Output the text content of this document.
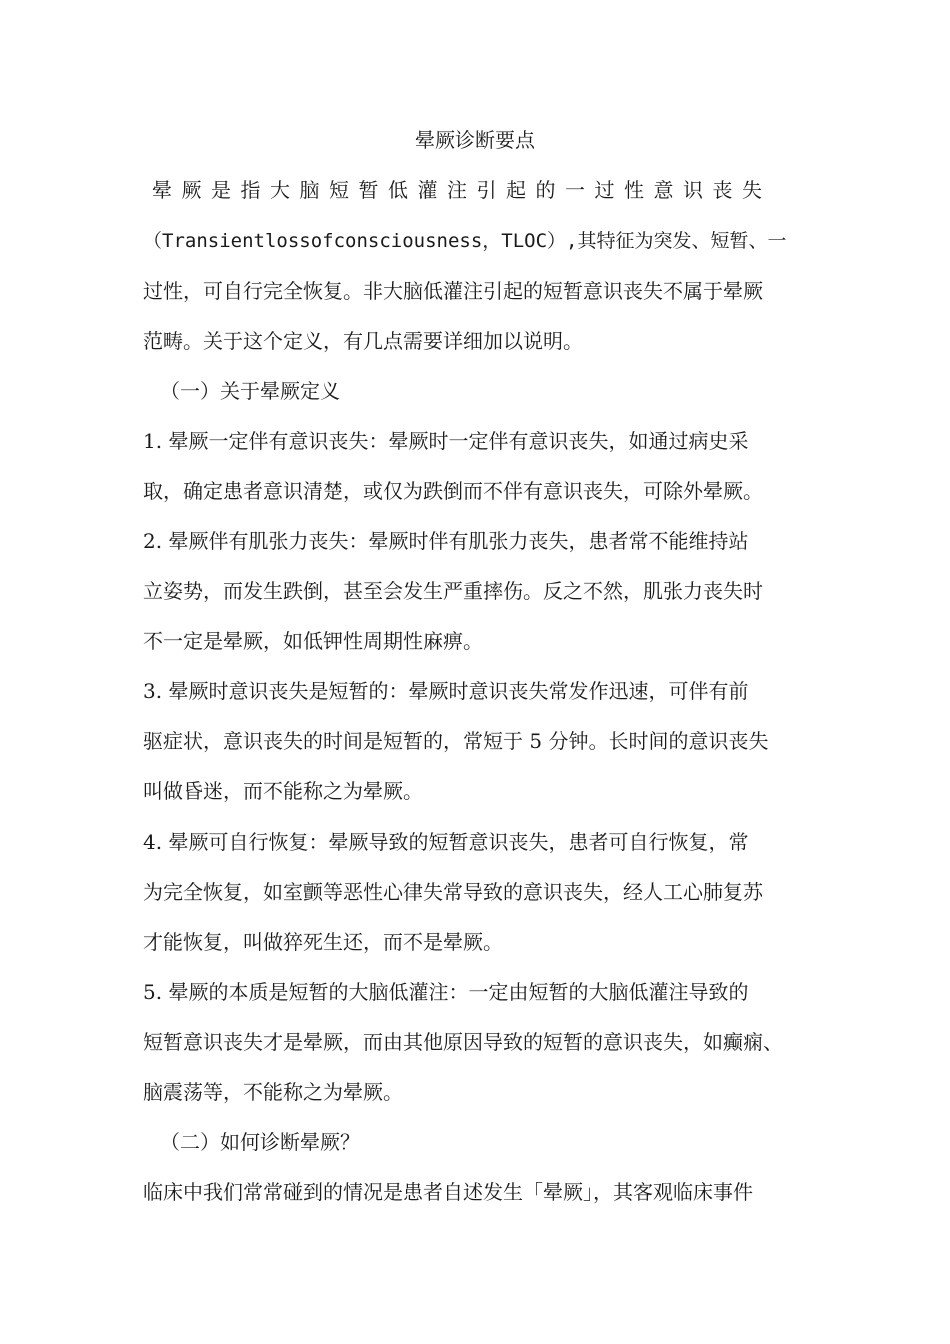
晕厥诊断要点
晕厥是指大脑短暂低灌注引起的一过性意识丧失
（Transientlossofconsciousness，TLOC）,其特征为突发、短暂、一
过性，可自行完全恢复。非大脑低灌注引起的短暂意识丧失不属于晕厥
范畴。关于这个定义，有几点需要详细加以说明。
（一）关于晕厥定义
1. 晕厥一定伴有意识丧失：晕厥时一定伴有意识丧失，如通过病史采
取，确定患者意识清楚，或仅为跌倒而不伴有意识丧失，可除外晕厥。
2. 晕厥伴有肌张力丧失：晕厥时伴有肌张力丧失，患者常不能维持站
立姿势，而发生跌倒，甚至会发生严重摔伤。反之不然，肌张力丧失时
不一定是晕厥，如低钾性周期性麻痹。
3. 晕厥时意识丧失是短暂的：晕厥时意识丧失常发作迅速，可伴有前
驱症状，意识丧失的时间是短暂的，常短于 5 分钟。长时间的意识丧失
叫做昏迷，而不能称之为晕厥。
4. 晕厥可自行恢复：晕厥导致的短暂意识丧失，患者可自行恢复，常
为完全恢复，如室颤等恶性心律失常导致的意识丧失，经人工心肺复苏
才能恢复，叫做猝死生还，而不是晕厥。
5. 晕厥的本质是短暂的大脑低灌注：一定由短暂的大脑低灌注导致的
短暂意识丧失才是晕厥，而由其他原因导致的短暂的意识丧失，如癫痫、
脑震荡等，不能称之为晕厥。
（二）如何诊断晕厥？
临床中我们常常碰到的情况是患者自述发生「晕厥」，其客观临床事件
